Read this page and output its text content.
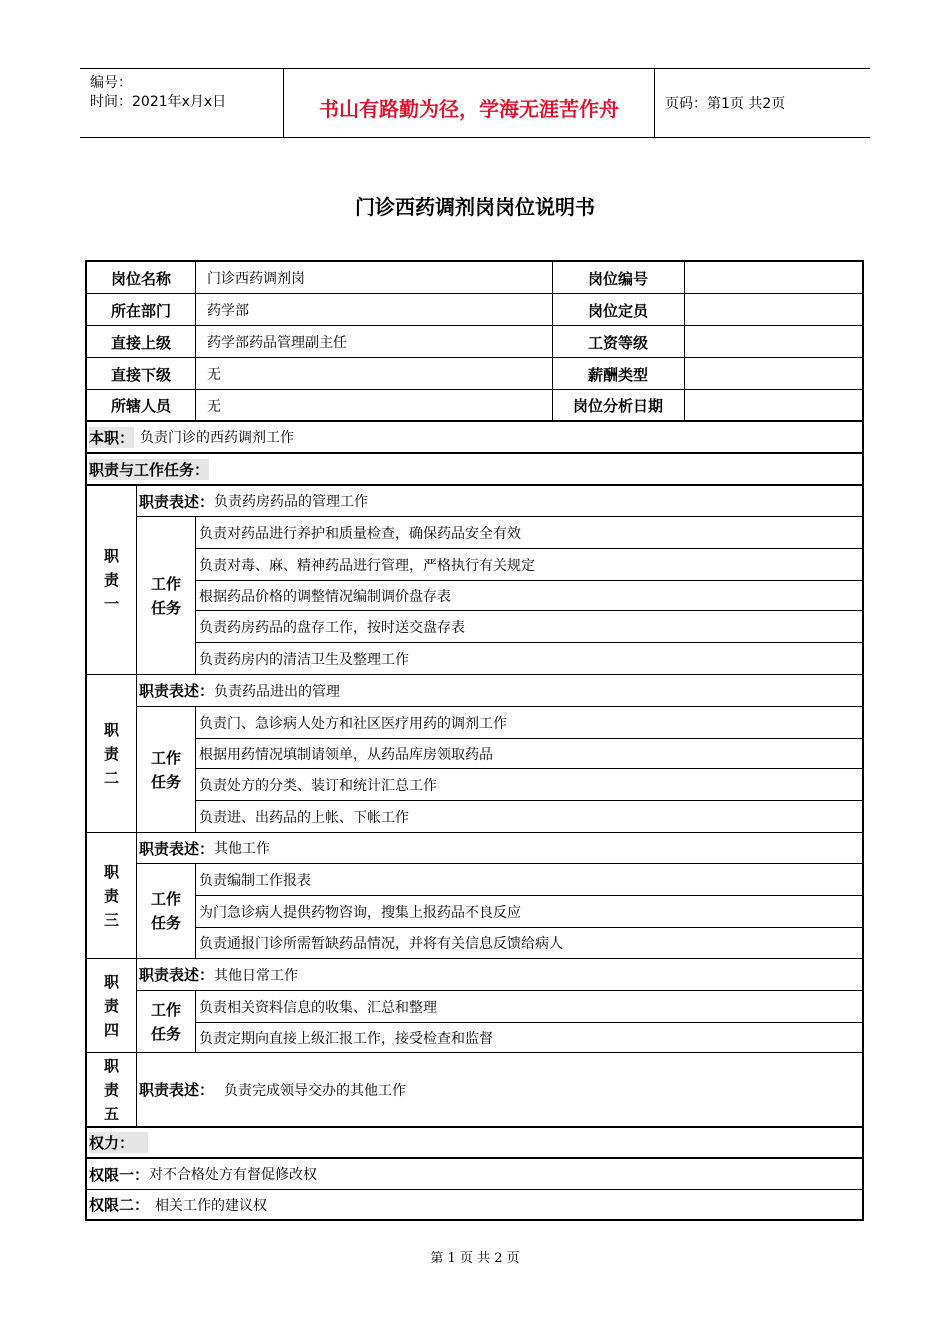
编号：
时间：2021年x月x日	书山有路勤为径，学海无涯苦作舟	页码：第1页 共2页
门诊西药调剂岗岗位说明书
岗位名称	门诊西药调剂岗	岗位编号
所在部门	药学部	岗位定员
直接上级	药学部药品管理副主任	工资等级
直接下级	无	薪酬类型
所辖人员	无	岗位分析日期
本职： 负责门诊的西药调剂工作
职责与工作任务：
职
责
一
职责表述： 负责药房药品的管理工作
工作
任务
负责对药品进行养护和质量检查，确保药品安全有效
负责对毒、麻、精神药品进行管理，严格执行有关规定
根据药品价格的调整情况编制调价盘存表
负责药房药品的盘存工作，按时送交盘存表
负责药房内的清洁卫生及整理工作
职
责
二
职责表述： 负责药品进出的管理
工作
任务
负责门、急诊病人处方和社区医疗用药的调剂工作
根据用药情况填制请领单，从药品库房领取药品
负责处方的分类、装订和统计汇总工作
负责进、出药品的上帐、下帐工作
职
责
三
职责表述： 其他工作
工作
任务
负责编制工作报表
为门急诊病人提供药物咨询，搜集上报药品不良反应
负责通报门诊所需暂缺药品情况，并将有关信息反馈给病人
职
责
四
职责表述： 其他日常工作
工作
任务
负责相关资料信息的收集、汇总和整理
负责定期向直接上级汇报工作，接受检查和监督
职
责
五
职责表述： 负责完成领导交办的其他工作
权力：
权限一： 对不合格处方有督促修改权
权限二： 相关工作的建议权
第 1 页 共 2 页
